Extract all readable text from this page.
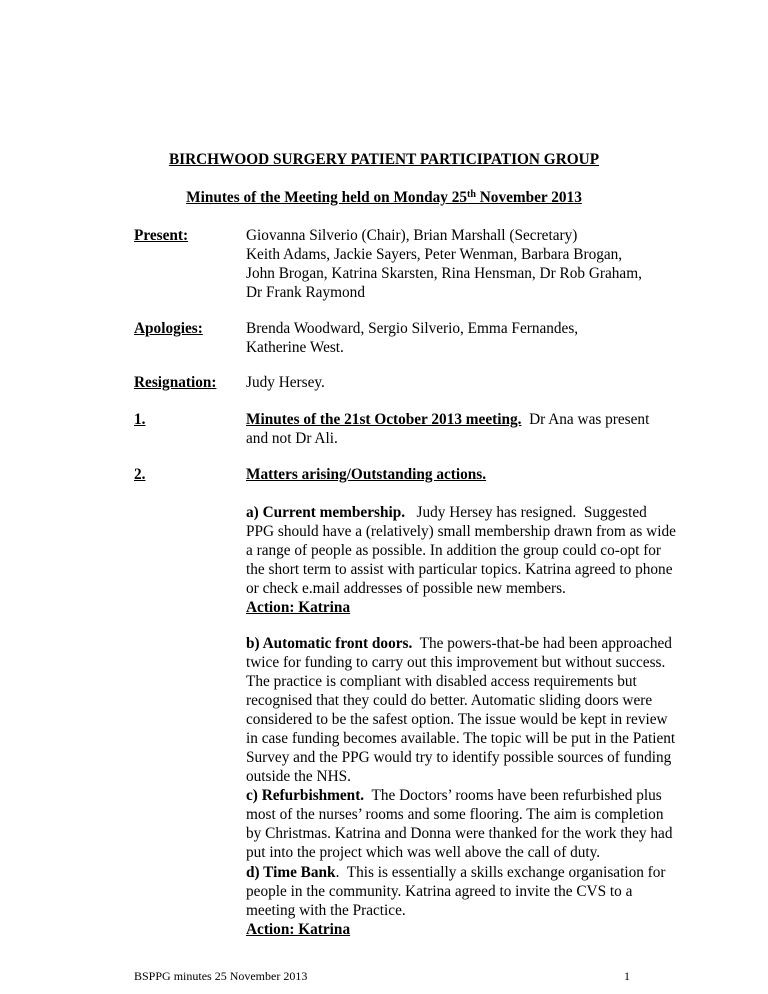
BIRCHWOOD SURGERY PATIENT PARTICIPATION GROUP
Minutes of the Meeting held on Monday 25th November 2013
Present:	Giovanna Silverio (Chair), Brian Marshall (Secretary)
Keith Adams, Jackie Sayers, Peter Wenman, Barbara Brogan,
John Brogan, Katrina Skarsten, Rina Hensman, Dr Rob Graham,
Dr Frank Raymond
Apologies:	Brenda Woodward, Sergio Silverio, Emma Fernandes,
Katherine West.
Resignation: Judy Hersey.
1.	Minutes of the 21st October 2013 meeting.  Dr Ana was present
and not Dr Ali.
2.	Matters arising/Outstanding actions.
a) Current membership.   Judy Hersey has resigned.  Suggested
PPG should have a (relatively) small membership drawn from as wide
a range of people as possible. In addition the group could co-opt for
the short term to assist with particular topics. Katrina agreed to phone
or check e.mail addresses of possible new members.
Action: Katrina
b) Automatic front doors.  The powers-that-be had been approached
twice for funding to carry out this improvement but without success.
The practice is compliant with disabled access requirements but
recognised that they could do better. Automatic sliding doors were
considered to be the safest option. The issue would be kept in review
in case funding becomes available. The topic will be put in the Patient
Survey and the PPG would try to identify possible sources of funding
outside the NHS.
c) Refurbishment.  The Doctors’ rooms have been refurbished plus
most of the nurses’ rooms and some flooring. The aim is completion
by Christmas. Katrina and Donna were thanked for the work they had
put into the project which was well above the call of duty.
d) Time Bank.  This is essentially a skills exchange organisation for
people in the community. Katrina agreed to invite the CVS to a
meeting with the Practice.
Action: Katrina
BSPPG minutes 25 November 2013	1
